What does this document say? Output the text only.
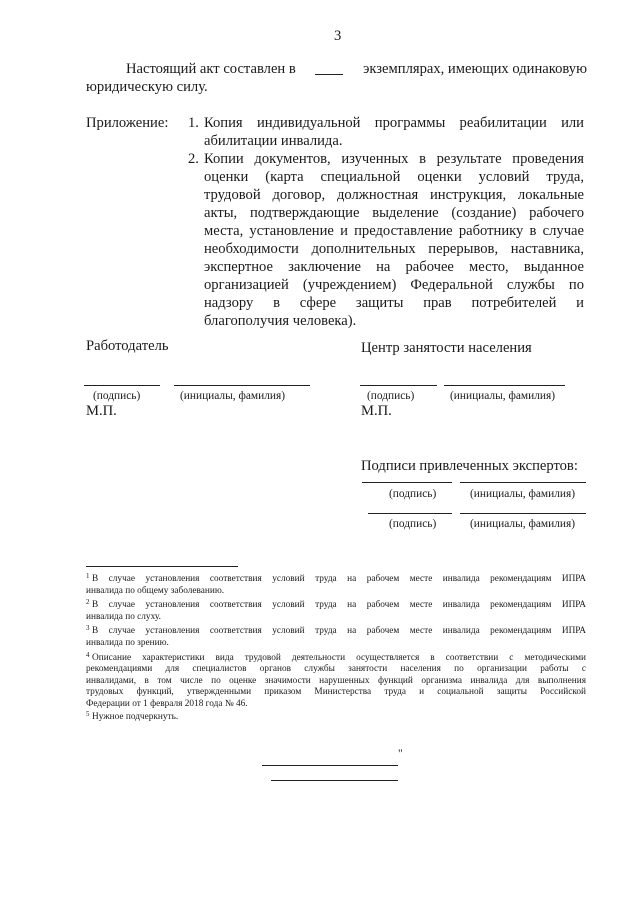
3
Настоящий акт составлен в	экземплярах, имеющих одинаковую
юридическую силу.
Приложение: 1. Копия индивидуальной программы реабилитации или
абилитации инвалида.
2. Копии документов, изученных в результате проведения
оценки (карта специальной оценки условий труда,
трудовой договор, должностная инструкция, локальные
акты, подтверждающие выделение (создание) рабочего
места, установление и предоставление работнику в случае
необходимости дополнительных перерывов, наставника,
экспертное заключение на рабочее место, выданное
организацией (учреждением) Федеральной службы по
надзору в сфере защиты прав потребителей и
благополучия человека).
Работодатель
(подпись)	(инициалы, фамилия)
М.П.
Центр занятости населения
(подпись)	(инициалы, фамилия)
М.П.
Подписи привлеченных экспертов:
(подпись)	(инициалы, фамилия)
(подпись)	(инициалы, фамилия)
1 В случае установления соответствия условий труда на рабочем месте инвалида рекомендациям ИПРА
инвалида по общему заболеванию.
2 В случае установления соответствия условий труда на рабочем месте инвалида рекомендациям ИПРА
инвалида по слуху.
3 В случае установления соответствия условий труда на рабочем месте инвалида рекомендациям ИПРА
инвалида по зрению.
4 Описание характеристики вида трудовой деятельности осуществляется в соответствии с методическими
рекомендациями для специалистов органов службы занятости населения по организации работы с
инвалидами, в том числе по оценке значимости нарушенных функций организма инвалида для выполнения
трудовых функций, утвержденными приказом Министерства труда и социальной защиты Российской
Федерации от 1 февраля 2018 года № 46.
5 Нужное подчеркнуть.
"
